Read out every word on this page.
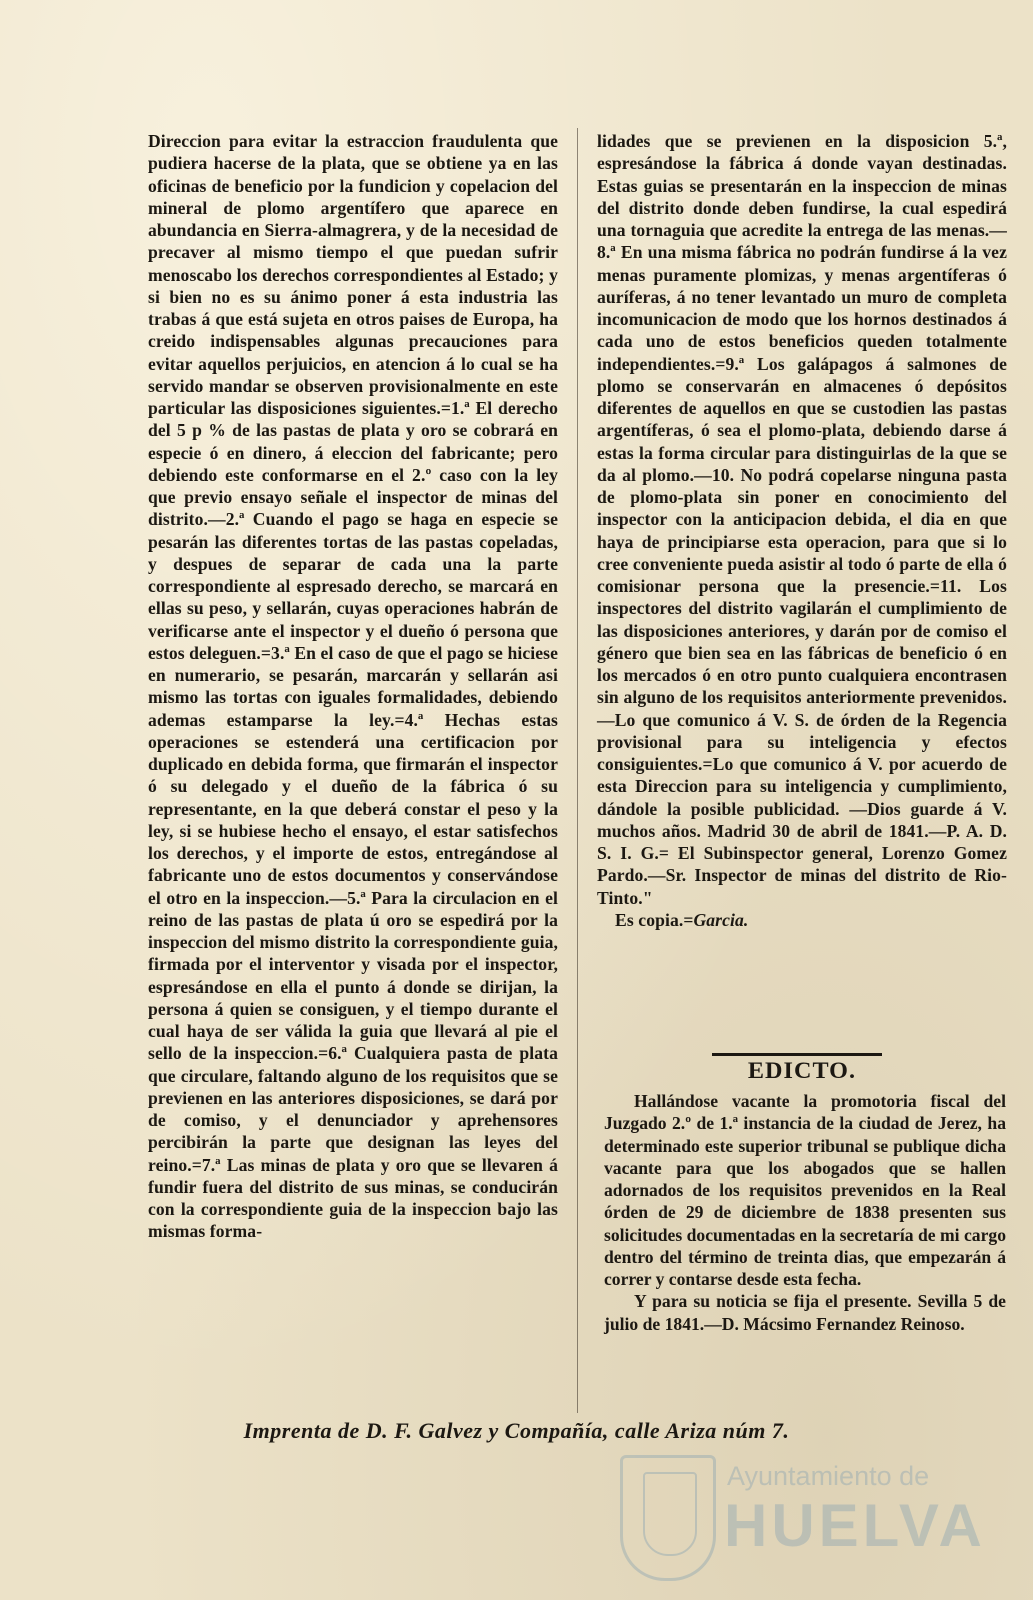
Direccion para evitar la estraccion fraudulenta que pudiera hacerse de la plata, que se obtiene ya en las oficinas de beneficio por la fundicion y copelacion del mineral de plomo argentífero que aparece en abundancia en Sierra-almagrera, y de la necesidad de precaver al mismo tiempo el que puedan sufrir menoscabo los derechos correspondientes al Estado; y si bien no es su ánimo poner á esta industria las trabas á que está sujeta en otros paises de Europa, ha creido indispensables algunas precauciones para evitar aquellos perjuicios, en atencion á lo cual se ha servido mandar se observen provisionalmente en este particular las disposiciones siguientes.=1.ª El derecho del 5 p % de las pastas de plata y oro se cobrará en especie ó en dinero, á eleccion del fabricante; pero debiendo este conformarse en el 2.º caso con la ley que previo ensayo señale el inspector de minas del distrito.—2.ª Cuando el pago se haga en especie se pesarán las diferentes tortas de las pastas copeladas, y despues de separar de cada una la parte correspondiente al espresado derecho, se marcará en ellas su peso, y sellarán, cuyas operaciones habrán de verificarse ante el inspector y el dueño ó persona que estos deleguen.=3.ª En el caso de que el pago se hiciese en numerario, se pesarán, marcarán y sellarán asi mismo las tortas con iguales formalidades, debiendo ademas estamparse la ley.=4.ª Hechas estas operaciones se estenderá una certificacion por duplicado en debida forma, que firmarán el inspector ó su delegado y el dueño de la fábrica ó su representante, en la que deberá constar el peso y la ley, si se hubiese hecho el ensayo, el estar satisfechos los derechos, y el importe de estos, entregándose al fabricante uno de estos documentos y conservándose el otro en la inspeccion.—5.ª Para la circulacion en el reino de las pastas de plata ú oro se espedirá por la inspeccion del mismo distrito la correspondiente guia, firmada por el interventor y visada por el inspector, espresándose en ella el punto á donde se dirijan, la persona á quien se consiguen, y el tiempo durante el cual haya de ser válida la guia que llevará al pie el sello de la inspeccion.=6.ª Cualquiera pasta de plata que circulare, faltando alguno de los requisitos que se previenen en las anteriores disposiciones, se dará por de comiso, y el denunciador y aprehensores percibirán la parte que designan las leyes del reino.=7.ª Las minas de plata y oro que se llevaren á fundir fuera del distrito de sus minas, se conducirán con la correspondiente guia de la inspeccion bajo las mismas forma-

lidades que se previenen en la disposicion 5.ª, espresándose la fábrica á donde vayan destinadas. Estas guias se presentarán en la inspeccion de minas del distrito donde deben fundirse, la cual espedirá una tornaguia que acredite la entrega de las menas.—8.ª En una misma fábrica no podrán fundirse á la vez menas puramente plomizas, y menas argentíferas ó auríferas, á no tener levantado un muro de completa incomunicacion de modo que los hornos destinados á cada uno de estos beneficios queden totalmente independientes.=9.ª Los galápagos á salmones de plomo se conservarán en almacenes ó depósitos diferentes de aquellos en que se custodien las pastas argentíferas, ó sea el plomo-plata, debiendo darse á estas la forma circular para distinguirlas de la que se da al plomo.—10. No podrá copelarse ninguna pasta de plomo-plata sin poner en conocimiento del inspector con la anticipacion debida, el dia en que haya de principiarse esta operacion, para que si lo cree conveniente pueda asistir al todo ó parte de ella ó comisionar persona que la presencie.=11. Los inspectores del distrito vagilarán el cumplimiento de las disposiciones anteriores, y darán por de comiso el género que bien sea en las fábricas de beneficio ó en los mercados ó en otro punto cualquiera encontrasen sin alguno de los requisitos anteriormente prevenidos.—Lo que comunico á V. S. de órden de la Regencia provisional para su inteligencia y efectos consiguientes.=Lo que comunico á V. por acuerdo de esta Direccion para su inteligencia y cumplimiento, dándole la posible publicidad. —Dios guarde á V. muchos años. Madrid 30 de abril de 1841.—P. A. D. S. I. G.= El Subinspector general, Lorenzo Gomez Pardo.—Sr. Inspector de minas del distrito de Rio-Tinto."

Es copia.=Garcia.

EDICTO.

Hallándose vacante la promotoria fiscal del Juzgado 2.º de 1.ª instancia de la ciudad de Jerez, ha determinado este superior tribunal se publique dicha vacante para que los abogados que se hallen adornados de los requisitos prevenidos en la Real órden de 29 de diciembre de 1838 presenten sus solicitudes documentadas en la secretaría de mi cargo dentro del término de treinta dias, que empezarán á correr y contarse desde esta fecha.

Y para su noticia se fija el presente. Sevilla 5 de julio de 1841.—D. Mácsimo Fernandez Reinoso.

Imprenta de D. F. Galvez y Compañía, calle Ariza núm 7.
Ayuntamiento de
HUELVA
